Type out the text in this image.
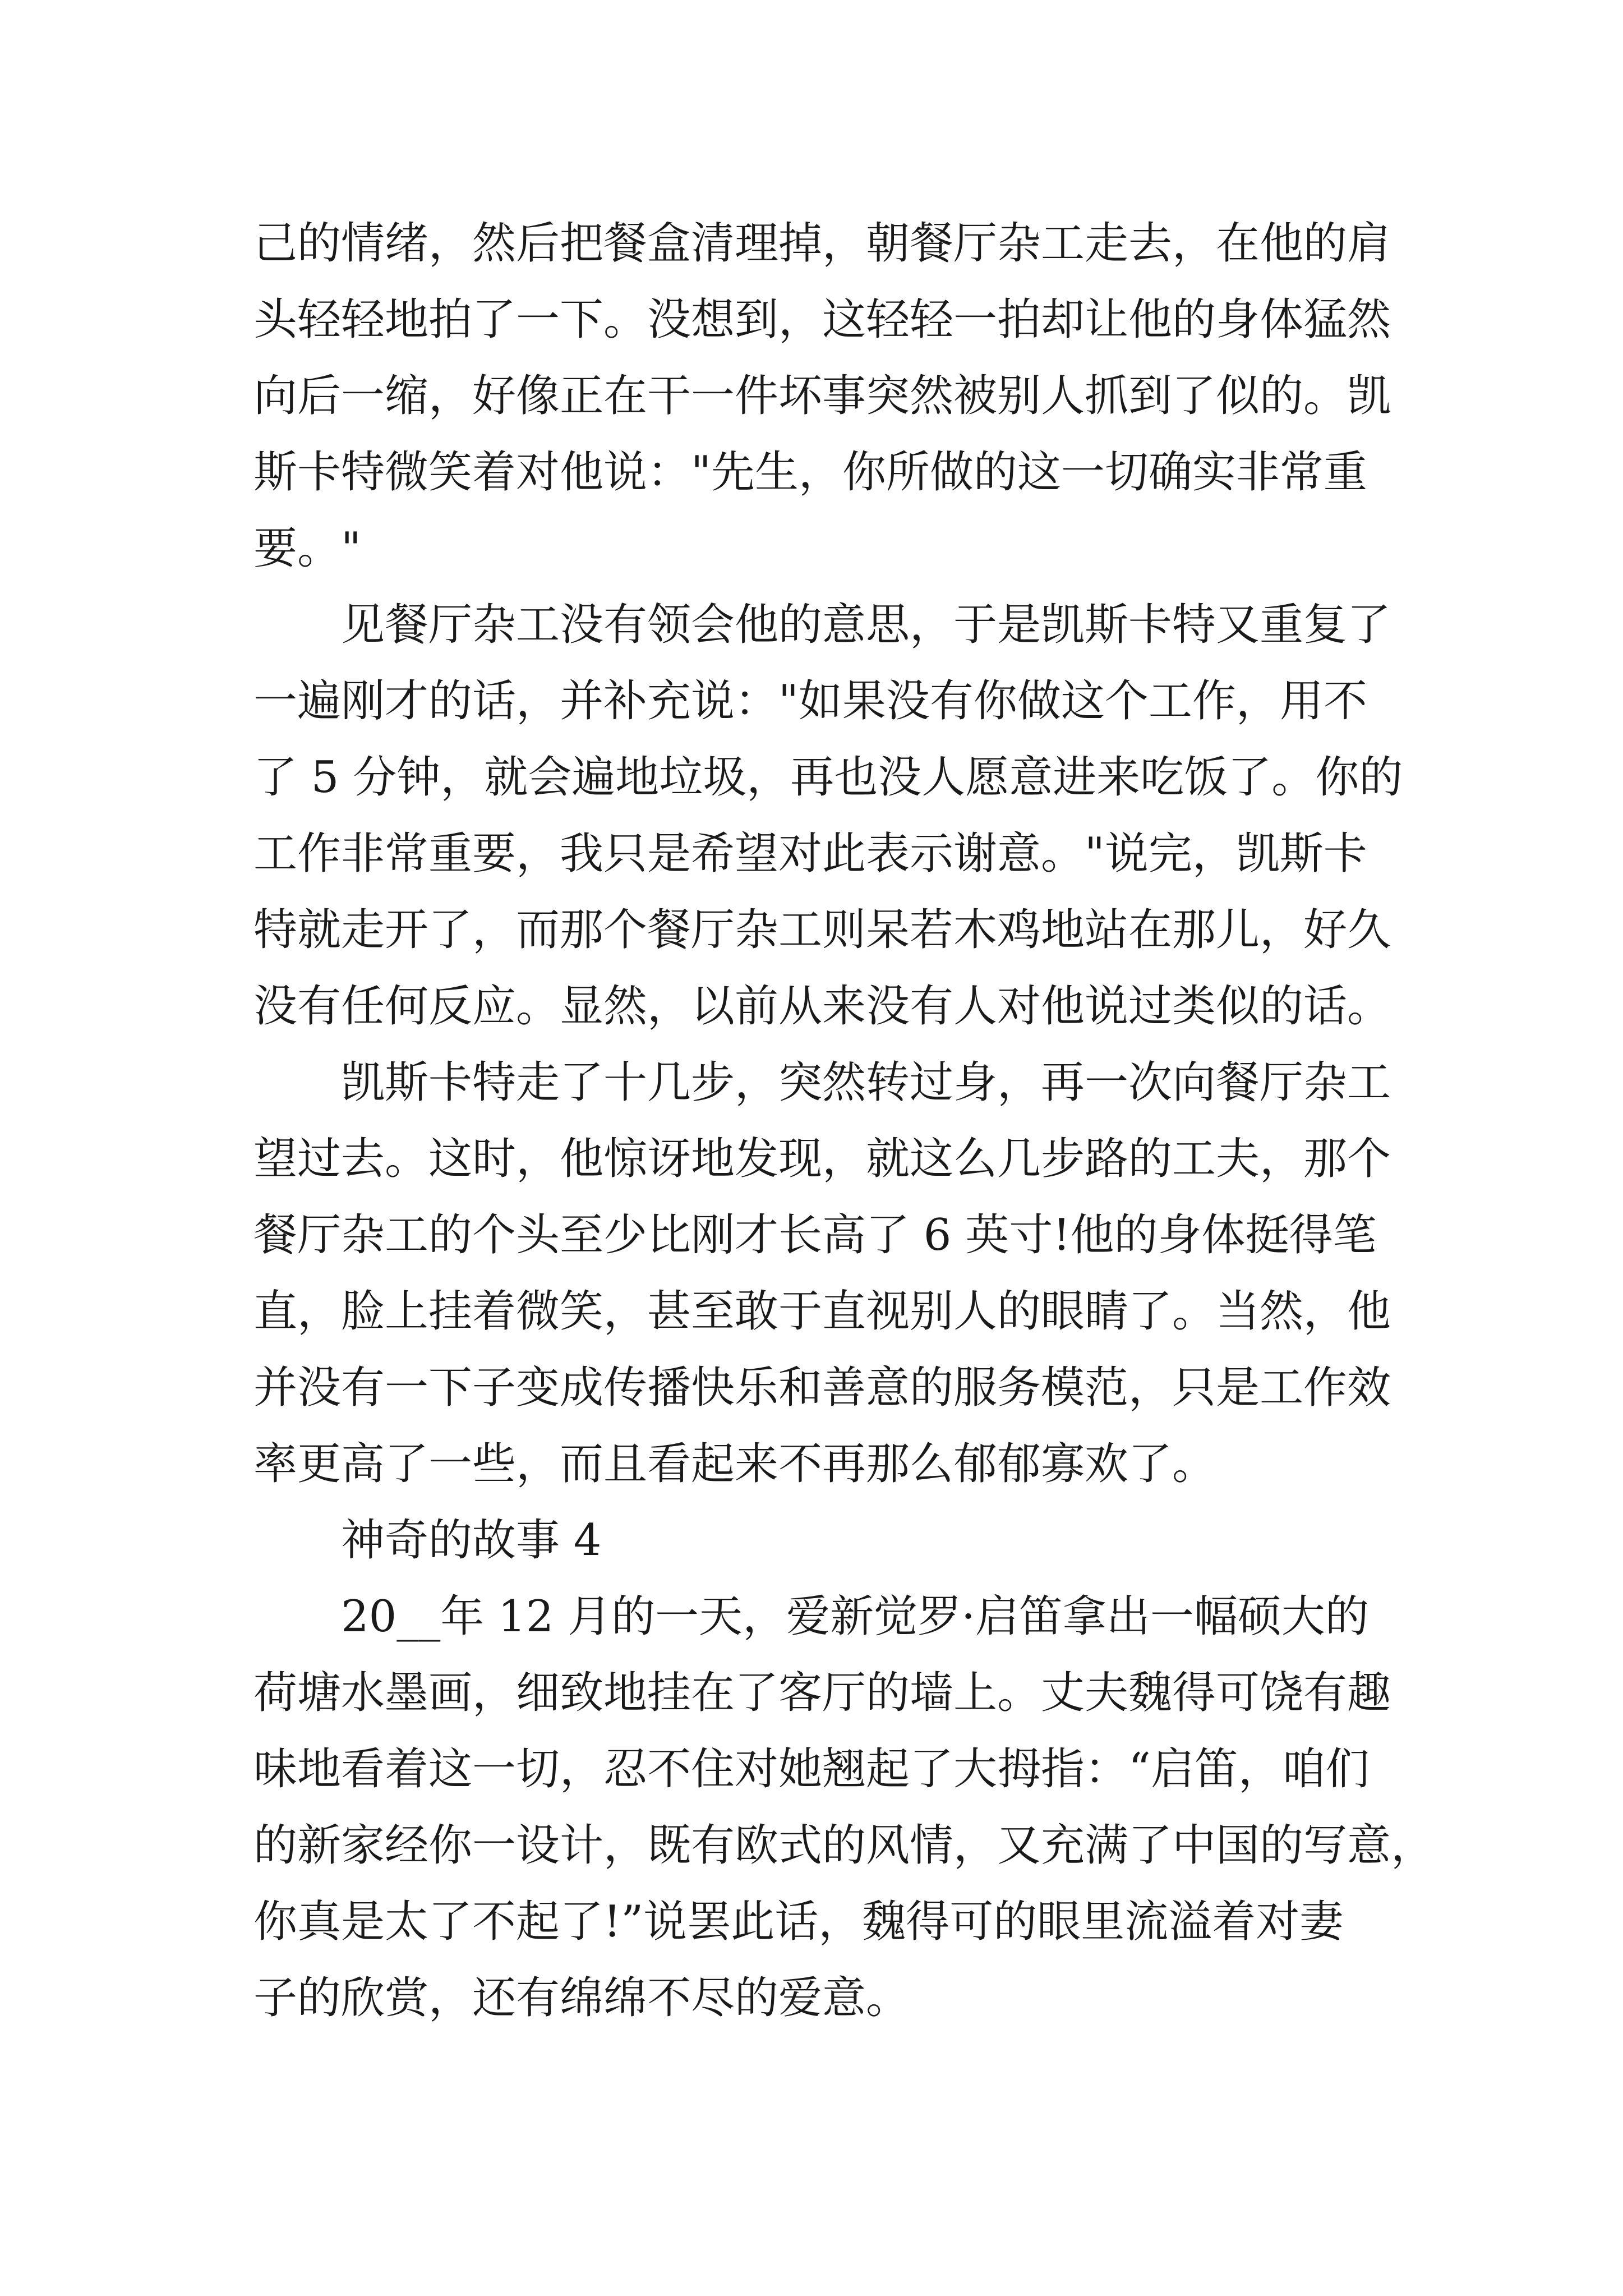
己的情绪，然后把餐盒清理掉，朝餐厅杂工走去，在他的肩

头轻轻地拍了一下。没想到，这轻轻一拍却让他的身体猛然

向后一缩，好像正在干一件坏事突然被别人抓到了似的。凯

斯卡特微笑着对他说："先生，你所做的这一切确实非常重

要。"

见餐厅杂工没有领会他的意思，于是凯斯卡特又重复了

一遍刚才的话，并补充说："如果没有你做这个工作，用不

了 5 分钟，就会遍地垃圾，再也没人愿意进来吃饭了。你的

工作非常重要，我只是希望对此表示谢意。"说完，凯斯卡

特就走开了，而那个餐厅杂工则呆若木鸡地站在那儿，好久

没有任何反应。显然，以前从来没有人对他说过类似的话。

凯斯卡特走了十几步，突然转过身，再一次向餐厅杂工

望过去。这时，他惊讶地发现，就这么几步路的工夫，那个

餐厅杂工的个头至少比刚才长高了 6 英寸!他的身体挺得笔

直，脸上挂着微笑，甚至敢于直视别人的眼睛了。当然，他

并没有一下子变成传播快乐和善意的服务模范，只是工作效

率更高了一些，而且看起来不再那么郁郁寡欢了。

神奇的故事 4

20__年 12 月的一天，爱新觉罗·启笛拿出一幅硕大的

荷塘水墨画，细致地挂在了客厅的墙上。丈夫魏得可饶有趣

味地看着这一切，忍不住对她翘起了大拇指：“启笛，咱们

的新家经你一设计，既有欧式的风情，又充满了中国的写意，

你真是太了不起了!”说罢此话，魏得可的眼里流溢着对妻

子的欣赏，还有绵绵不尽的爱意。
